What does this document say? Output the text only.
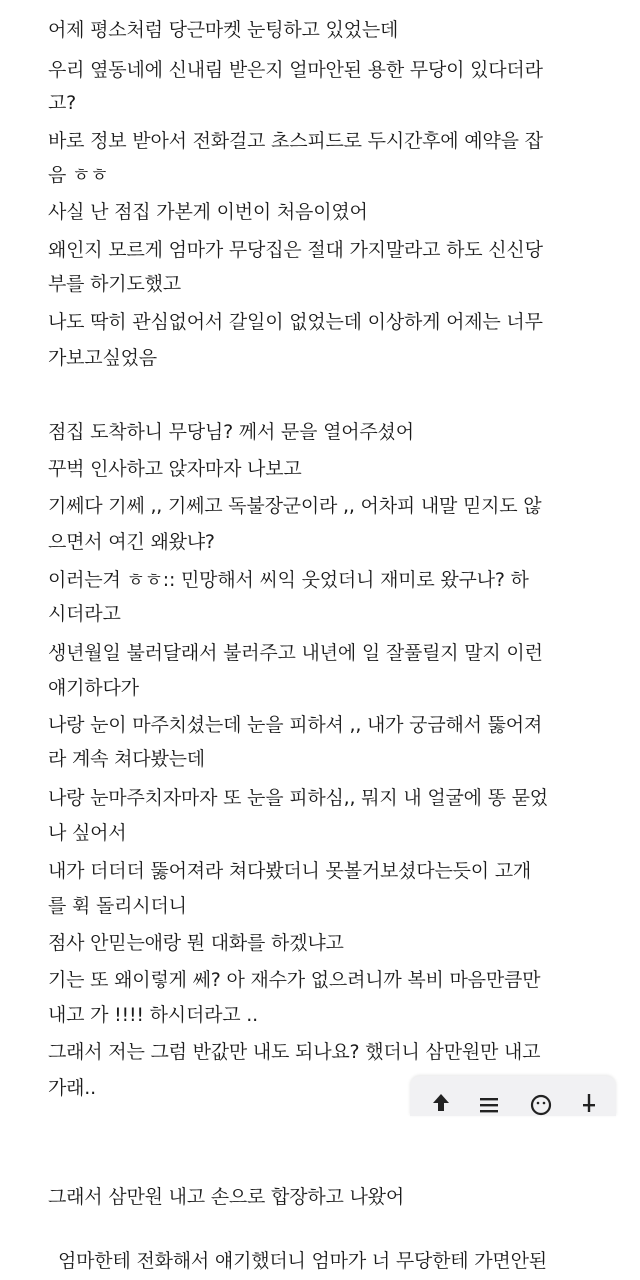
어제 평소처럼 당근마켓 눈팅하고 있었는데
우리 옆동네에 신내림 받은지 얼마안된 용한 무당이 있다더라
고?
바로 정보 받아서 전화걸고 초스피드로 두시간후에 예약을 잡
음 ㅎㅎ
사실 난 점집 가본게 이번이 처음이였어
왜인지 모르게 엄마가 무당집은 절대 가지말라고 하도 신신당
부를 하기도했고
나도 딱히 관심없어서 갈일이 없었는데 이상하게 어제는 너무
가보고싶었음
점집 도착하니 무당님? 께서 문을 열어주셨어
꾸벅 인사하고 앉자마자 나보고
기쎄다 기쎄 ,, 기쎄고 독불장군이라 ,, 어차피 내말 믿지도 않
으면서 여긴 왜왔냐?
이러는겨 ㅎㅎ:: 민망해서 씨익 웃었더니 재미로 왔구나? 하
시더라고
생년월일 불러달래서 불러주고 내년에 일 잘풀릴지 말지 이런
얘기하다가
나랑 눈이 마주치셨는데 눈을 피하셔 ,, 내가 궁금해서 뚫어져
라 계속 쳐다봤는데
나랑 눈마주치자마자 또 눈을 피하심,, 뭐지 내 얼굴에 똥 묻었
나 싶어서
내가 더더더 뚫어져라 쳐다봤더니 못볼거보셨다는듯이 고개
를 휙 돌리시더니
점사 안믿는애랑 뭔 대화를 하겠냐고
기는 또 왜이렇게 쎄? 아 재수가 없으려니까 복비 마음만큼만
내고 가 !!!! 하시더라고 ..
그래서 저는 그럼 반값만 내도 되나요? 했더니 삼만원만 내고
가래..
그래서 삼만원 내고 손으로 합장하고 나왔어
엄마한테 전화해서 얘기했더니 엄마가 너 무당한테 가면안된
